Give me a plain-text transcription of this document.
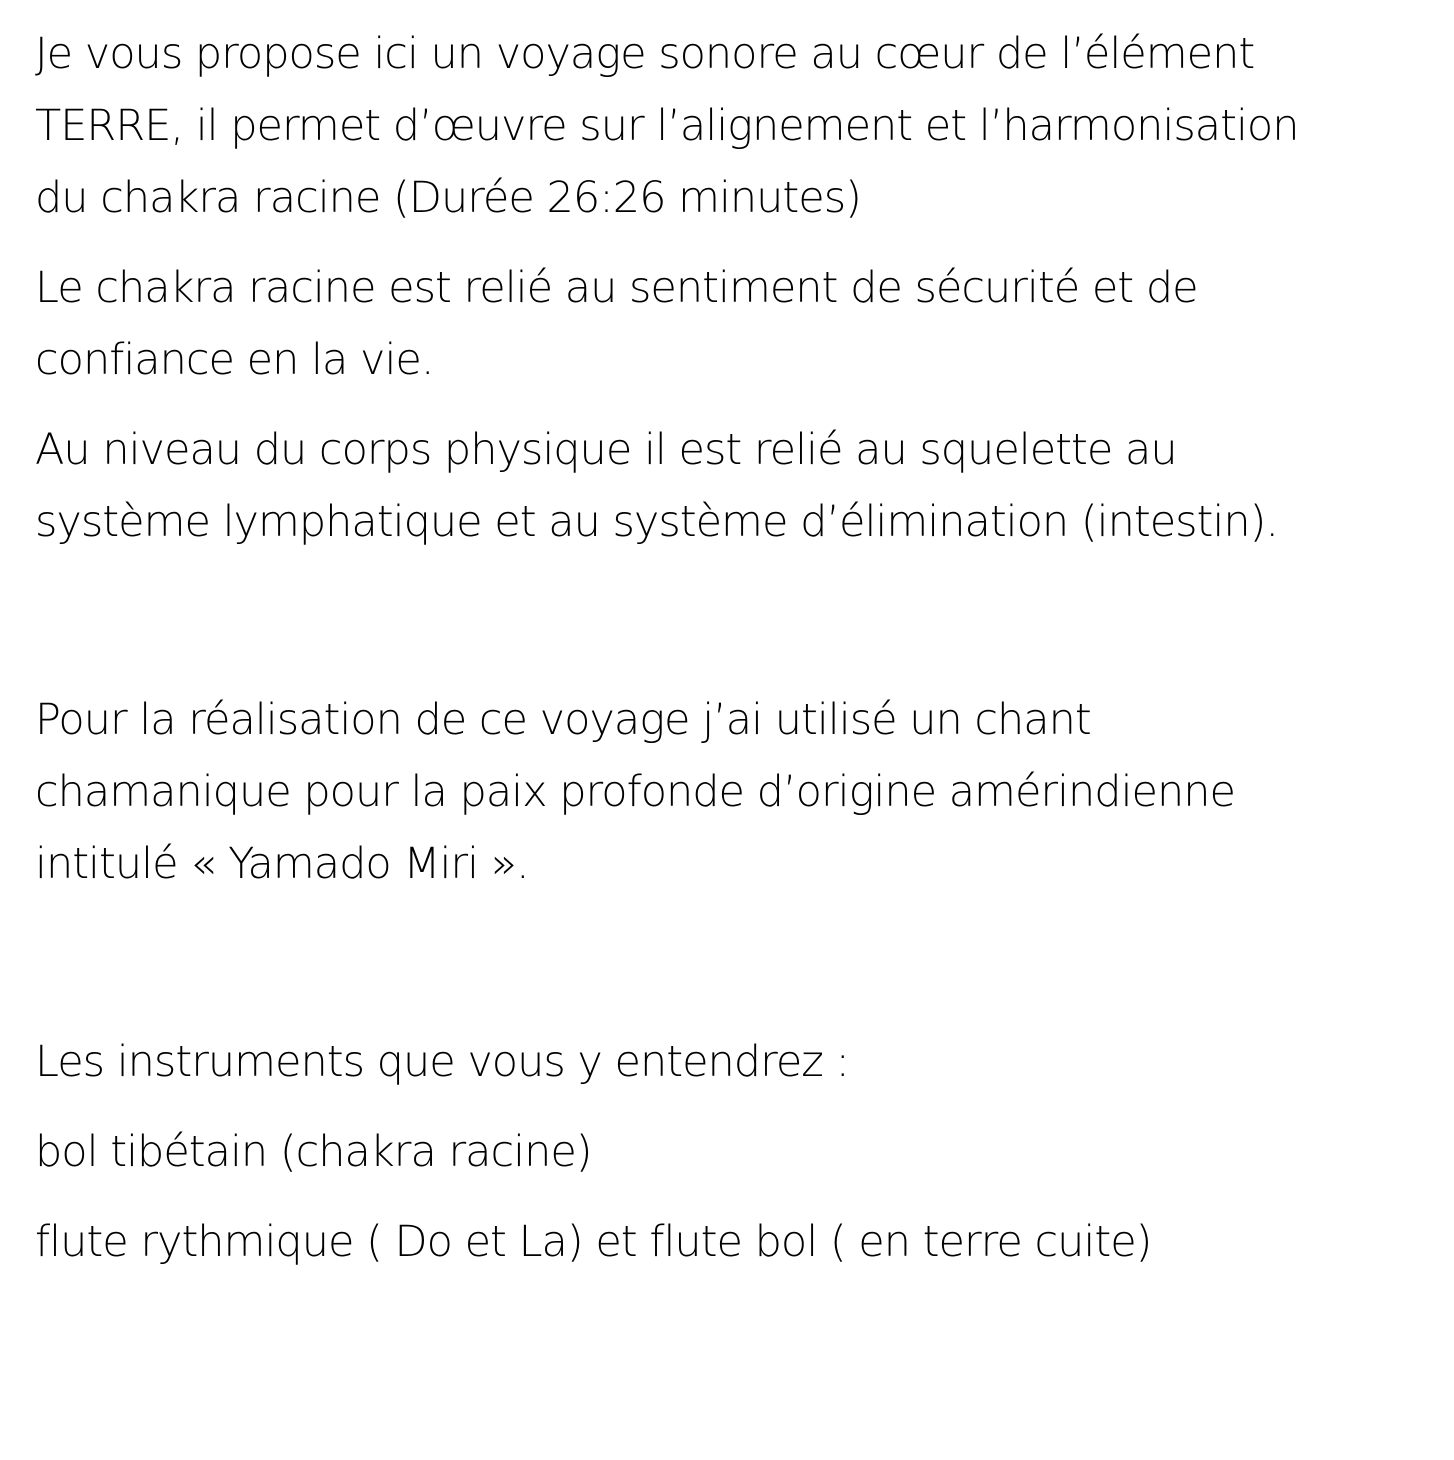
Je vous propose ici un voyage sonore au cœur de l’élément
TERRE, il permet d’œuvre sur l’alignement et l’harmonisation
du chakra racine (Durée 26:26 minutes)

Le chakra racine est relié au sentiment de sécurité et de
confiance en la vie.

Au niveau du corps physique il est relié au squelette au
système lymphatique et au système d’élimination (intestin).

Pour la réalisation de ce voyage j’ai utilisé un chant
chamanique pour la paix profonde d’origine amérindienne
intitulé « Yamado Miri ».

Les instruments que vous y entendrez :

bol tibétain (chakra racine)

flute rythmique ( Do et La) et flute bol ( en terre cuite)
